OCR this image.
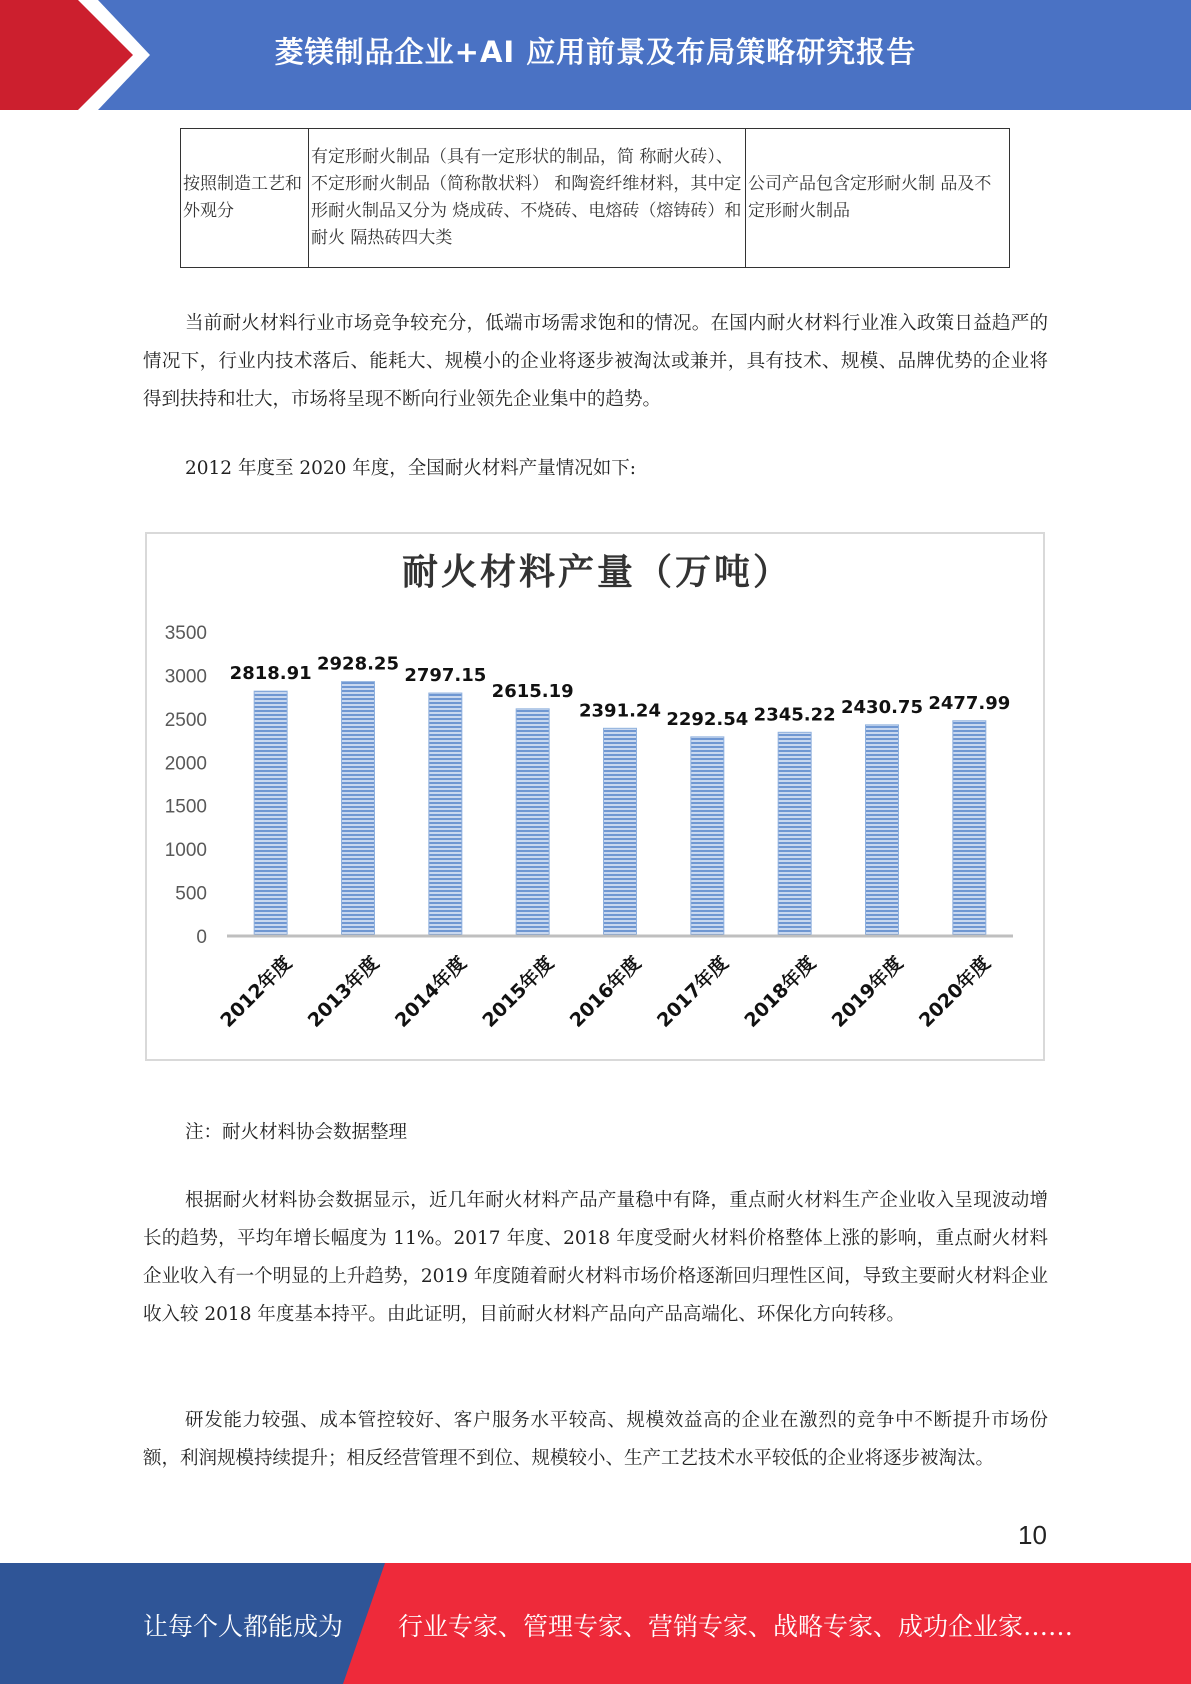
菱镁制品企业+AI 应用前景及布局策略研究报告
按照制造工艺和外观分	有定形耐火制品（具有一定形状的制品，简 称耐火砖）、不定形耐火制品（简称散状料） 和陶瓷纤维材料，其中定形耐火制品又分为 烧成砖、不烧砖、电熔砖（熔铸砖）和耐火 隔热砖四大类	公司产品包含定形耐火制 品及不定形耐火制品
当前耐火材料行业市场竞争较充分，低端市场需求饱和的情况。在国内耐火材料行业准入政策日益趋严的情况下，行业内技术落后、能耗大、规模小的企业将逐步被淘汰或兼并，具有技术、规模、品牌优势的企业将得到扶持和壮大，市场将呈现不断向行业领先企业集中的趋势。
2012 年度至 2020 年度，全国耐火材料产量情况如下:
耐火材料产量（万吨）
0
500
1000
1500
2000
2500
3000
3500
2818.91 2928.25
2797.15
2615.19
2391.24 2292.54 2345.22 2430.75 2477.99
2012年度 2013年度 2014年度 2015年度 2016年度 2017年度 2018年度 2019年度 2020年度
注：耐火材料协会数据整理
根据耐火材料协会数据显示，近几年耐火材料产品产量稳中有降，重点耐火材料生产企业收入呈现波动增长的趋势，平均年增长幅度为 11%。2017 年度、2018 年度受耐火材料价格整体上涨的影响，重点耐火材料企业收入有一个明显的上升趋势，2019 年度随着耐火材料市场价格逐渐回归理性区间，导致主要耐火材料企业收入较 2018 年度基本持平。由此证明，目前耐火材料产品向产品高端化、环保化方向转移。
研发能力较强、成本管控较好、客户服务水平较高、规模效益高的企业在激烈的竞争中不断提升市场份额，利润规模持续提升；相反经营管理不到位、规模较小、生产工艺技术水平较低的企业将逐步被淘汰。
10
让每个人都能成为 行业专家、管理专家、营销专家、战略专家、成功企业家……
